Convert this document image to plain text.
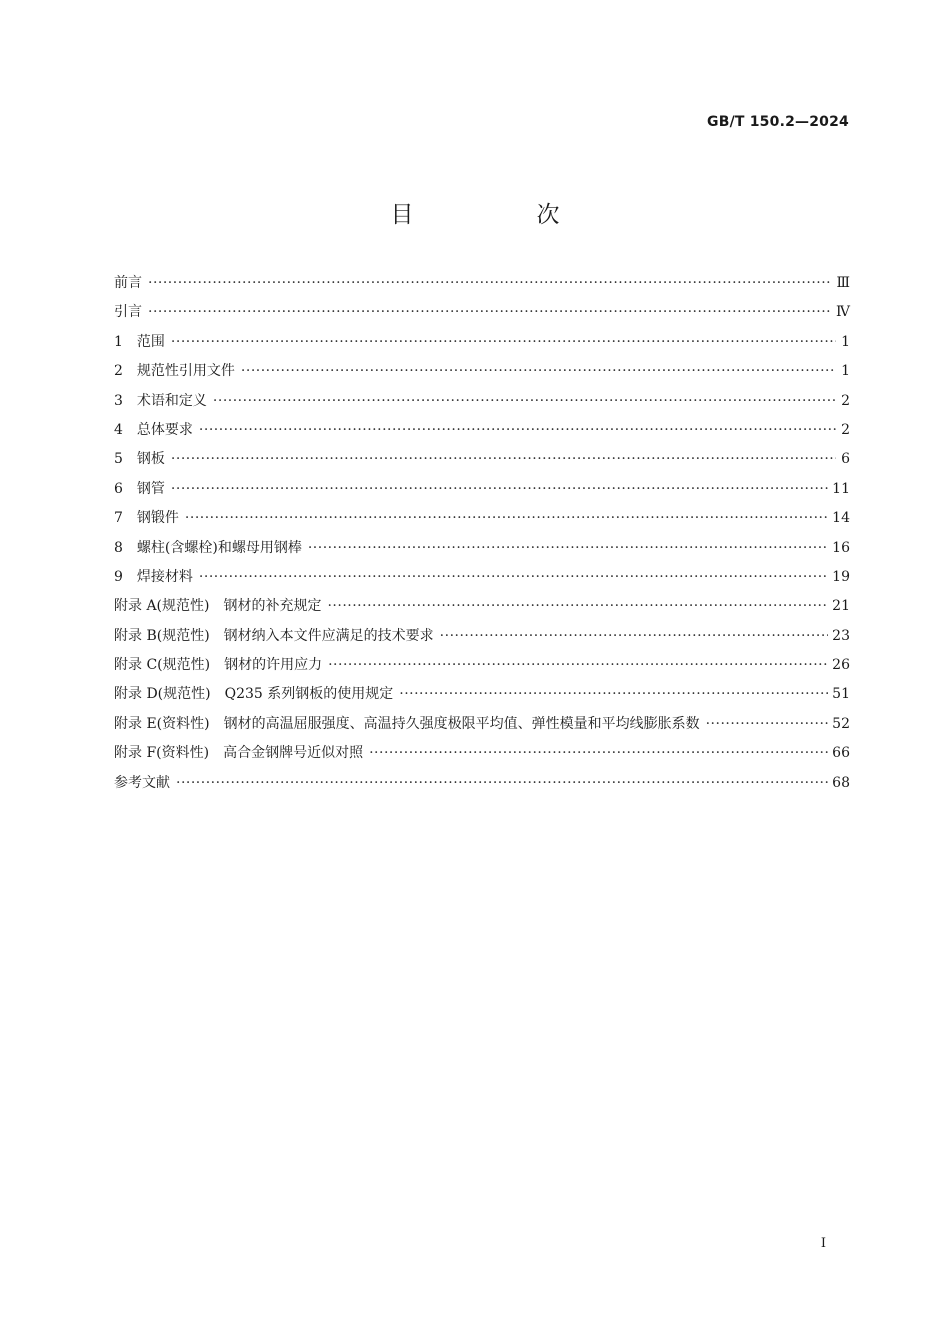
GB/T 150.2—2024
目　次
前言 ·····	Ⅲ
引言 ·····	Ⅳ
1　范围 ·····	1
2　规范性引用文件 ·····	1
3　术语和定义 ·····	2
4　总体要求 ·····	2
5　钢板 ·····	6
6　钢管 ·····	11
7　钢锻件 ·····	14
8　螺柱(含螺栓)和螺母用钢棒 ·····	16
9　焊接材料 ·····	19
附录 A(规范性)　钢材的补充规定 ·····	21
附录 B(规范性)　钢材纳入本文件应满足的技术要求 ·····	23
附录 C(规范性)　钢材的许用应力 ·····	26
附录 D(规范性)　Q235 系列钢板的使用规定 ·····	51
附录 E(资料性)　钢材的高温屈服强度、高温持久强度极限平均值、弹性模量和平均线膨胀系数 ·····	52
附录 F(资料性)　高合金钢牌号近似对照 ·····	66
参考文献 ·····	68
I
